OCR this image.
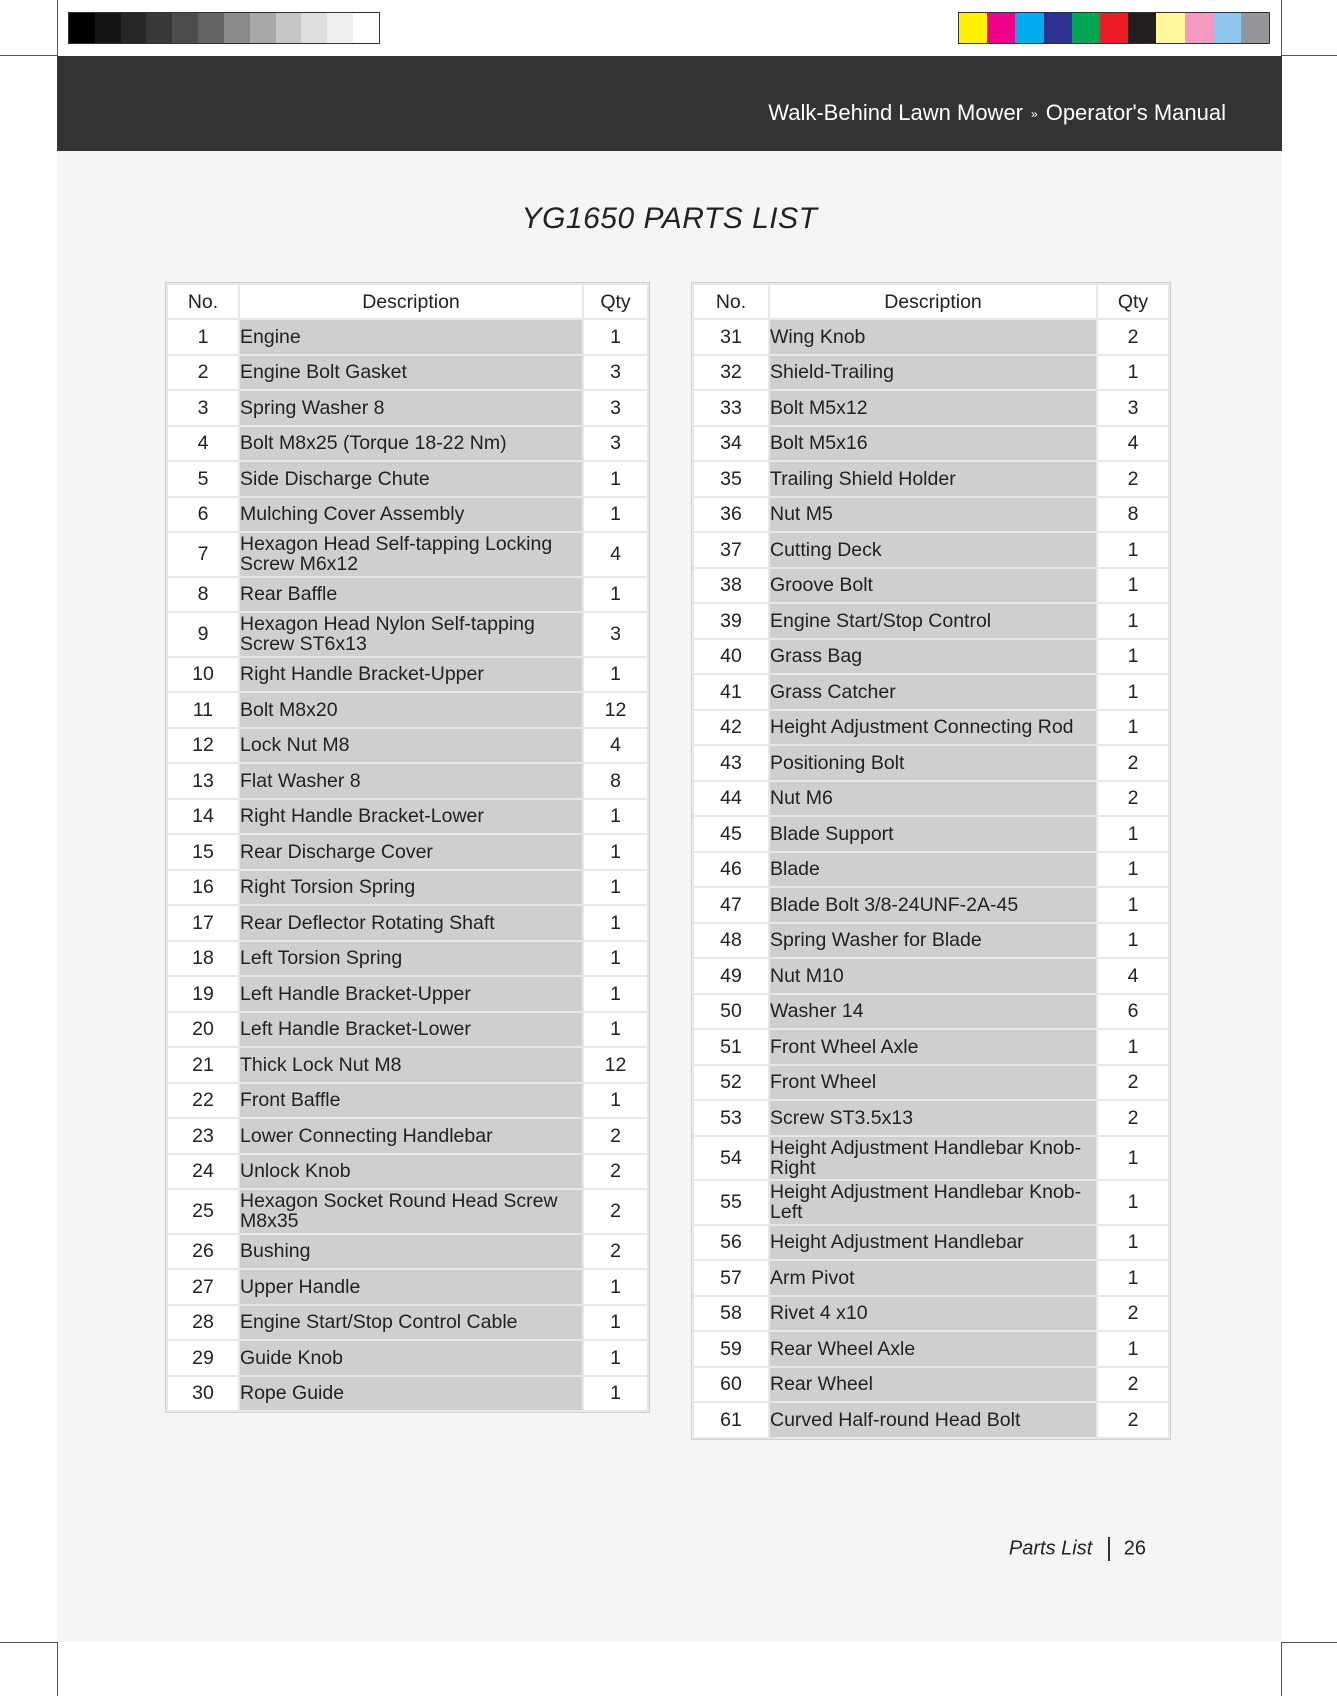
Walk-Behind Lawn Mower » Operator's Manual
YG1650 PARTS LIST
No.	Description	Qty
1	Engine	1
2	Engine Bolt Gasket	3
3	Spring Washer 8	3
4	Bolt M8x25 (Torque 18-22 Nm)	3
5	Side Discharge Chute	1
6	Mulching Cover Assembly	1
7	Hexagon Head Self-tapping Locking Screw M6x12	4
8	Rear Baffle	1
9	Hexagon Head Nylon Self-tapping Screw ST6x13	3
10	Right Handle Bracket-Upper	1
11	Bolt M8x20	12
12	Lock Nut M8	4
13	Flat Washer 8	8
14	Right Handle Bracket-Lower	1
15	Rear Discharge Cover	1
16	Right Torsion Spring	1
17	Rear Deflector Rotating Shaft	1
18	Left Torsion Spring	1
19	Left Handle Bracket-Upper	1
20	Left Handle Bracket-Lower	1
21	Thick Lock Nut M8	12
22	Front Baffle	1
23	Lower Connecting Handlebar	2
24	Unlock Knob	2
25	Hexagon Socket Round Head Screw M8x35	2
26	Bushing	2
27	Upper Handle	1
28	Engine Start/Stop Control Cable	1
29	Guide Knob	1
30	Rope Guide	1
No.	Description	Qty
31	Wing Knob	2
32	Shield-Trailing	1
33	Bolt M5x12	3
34	Bolt M5x16	4
35	Trailing Shield Holder	2
36	Nut M5	8
37	Cutting Deck	1
38	Groove Bolt	1
39	Engine Start/Stop Control	1
40	Grass Bag	1
41	Grass Catcher	1
42	Height Adjustment Connecting Rod	1
43	Positioning Bolt	2
44	Nut M6	2
45	Blade Support	1
46	Blade	1
47	Blade Bolt 3/8-24UNF-2A-45	1
48	Spring Washer for Blade	1
49	Nut M10	4
50	Washer 14	6
51	Front Wheel Axle	1
52	Front Wheel	2
53	Screw ST3.5x13	2
54	Height Adjustment Handlebar Knob-Right	1
55	Height Adjustment Handlebar Knob-Left	1
56	Height Adjustment Handlebar	1
57	Arm Pivot	1
58	Rivet 4 x10	2
59	Rear Wheel Axle	1
60	Rear Wheel	2
61	Curved Half-round Head Bolt	2
Parts List 26
